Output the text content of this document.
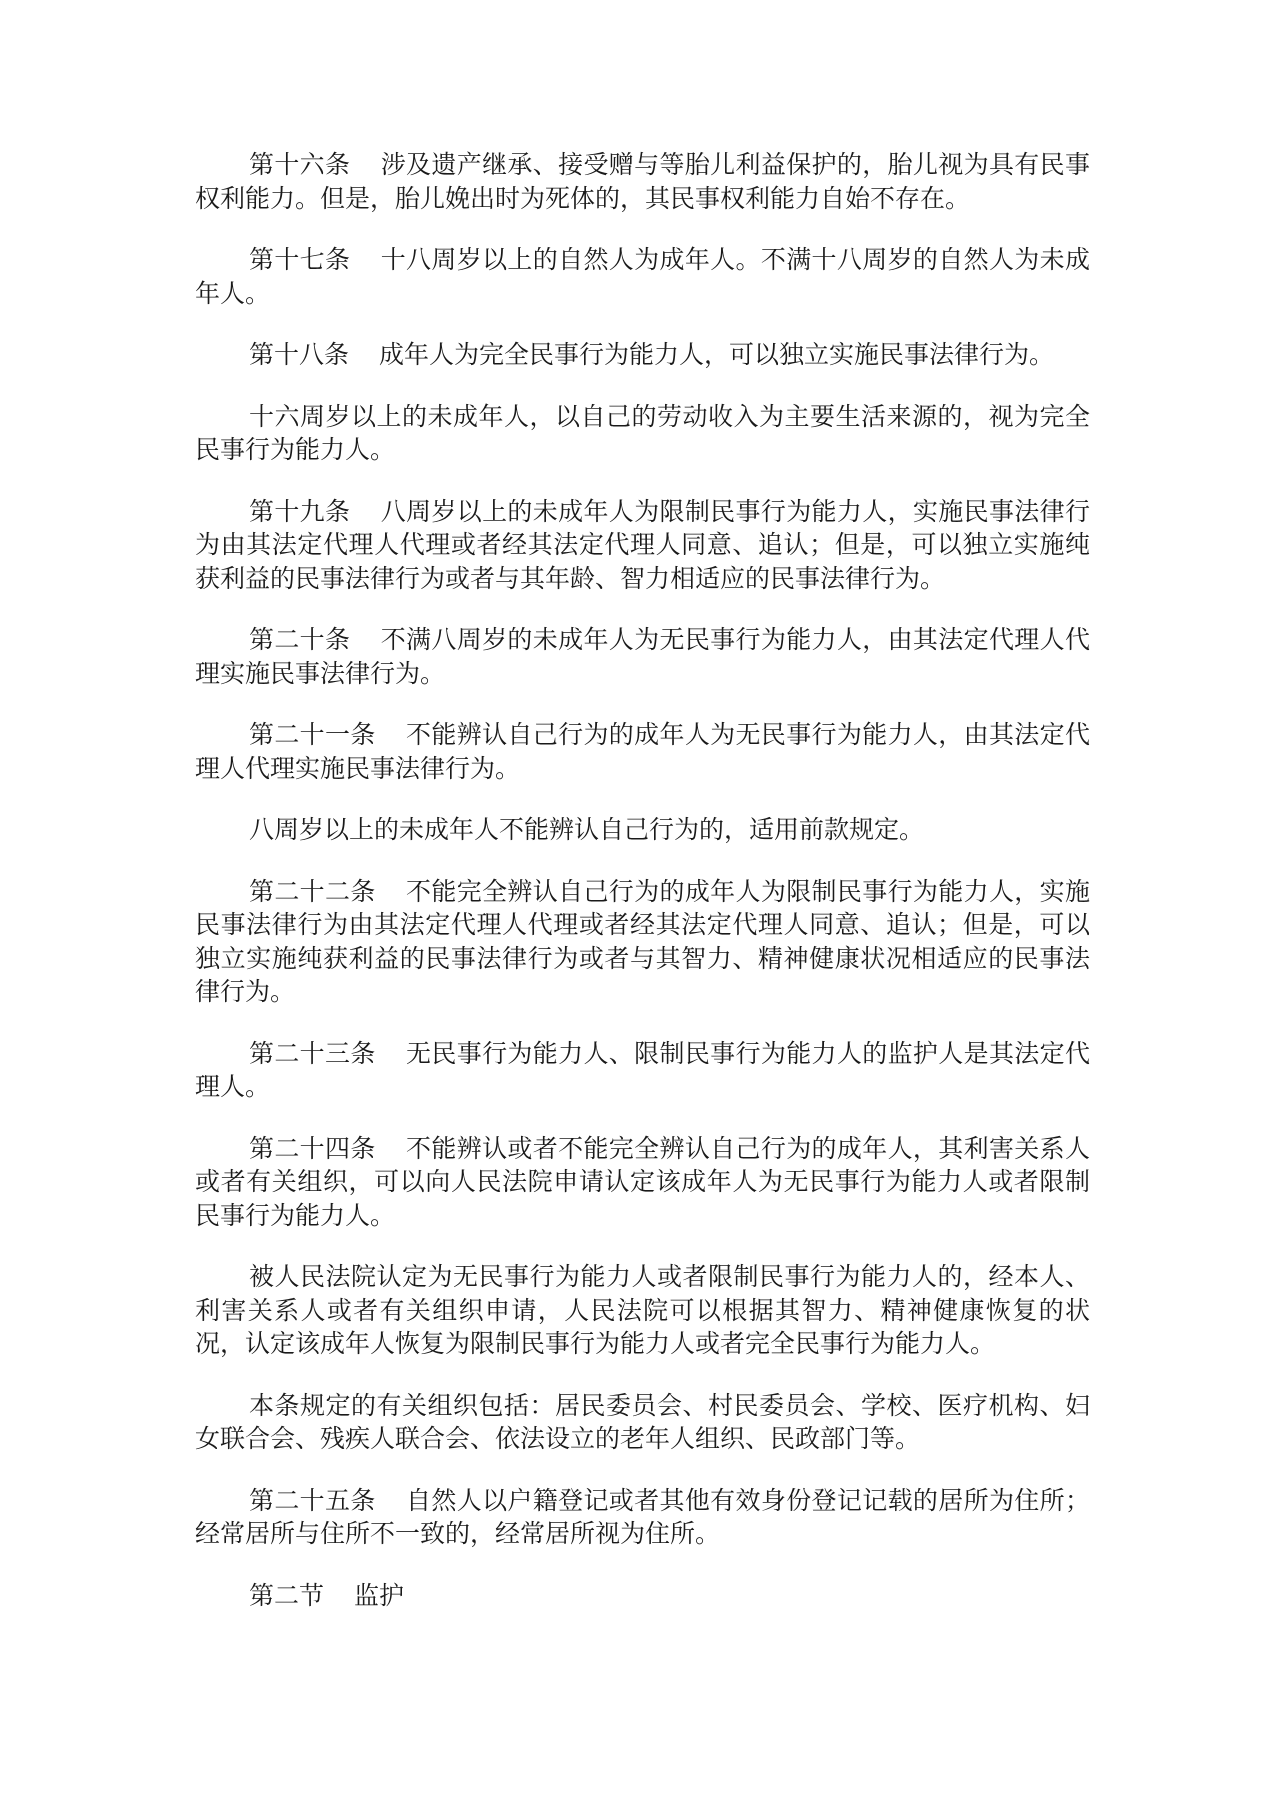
第十六条 涉及遗产继承、接受赠与等胎儿利益保护的，胎儿视为具有民事权利能力。但是，胎儿娩出时为死体的，其民事权利能力自始不存在。

第十七条 十八周岁以上的自然人为成年人。不满十八周岁的自然人为未成年人。

第十八条 成年人为完全民事行为能力人，可以独立实施民事法律行为。

十六周岁以上的未成年人，以自己的劳动收入为主要生活来源的，视为完全民事行为能力人。

第十九条 八周岁以上的未成年人为限制民事行为能力人，实施民事法律行为由其法定代理人代理或者经其法定代理人同意、追认；但是，可以独立实施纯获利益的民事法律行为或者与其年龄、智力相适应的民事法律行为。

第二十条 不满八周岁的未成年人为无民事行为能力人，由其法定代理人代理实施民事法律行为。

第二十一条 不能辨认自己行为的成年人为无民事行为能力人，由其法定代理人代理实施民事法律行为。

八周岁以上的未成年人不能辨认自己行为的，适用前款规定。

第二十二条 不能完全辨认自己行为的成年人为限制民事行为能力人，实施民事法律行为由其法定代理人代理或者经其法定代理人同意、追认；但是，可以独立实施纯获利益的民事法律行为或者与其智力、精神健康状况相适应的民事法律行为。

第二十三条 无民事行为能力人、限制民事行为能力人的监护人是其法定代理人。

第二十四条 不能辨认或者不能完全辨认自己行为的成年人，其利害关系人或者有关组织，可以向人民法院申请认定该成年人为无民事行为能力人或者限制民事行为能力人。

被人民法院认定为无民事行为能力人或者限制民事行为能力人的，经本人、利害关系人或者有关组织申请，人民法院可以根据其智力、精神健康恢复的状况，认定该成年人恢复为限制民事行为能力人或者完全民事行为能力人。

本条规定的有关组织包括：居民委员会、村民委员会、学校、医疗机构、妇女联合会、残疾人联合会、依法设立的老年人组织、民政部门等。

第二十五条 自然人以户籍登记或者其他有效身份登记记载的居所为住所；经常居所与住所不一致的，经常居所视为住所。

第二节 监护
